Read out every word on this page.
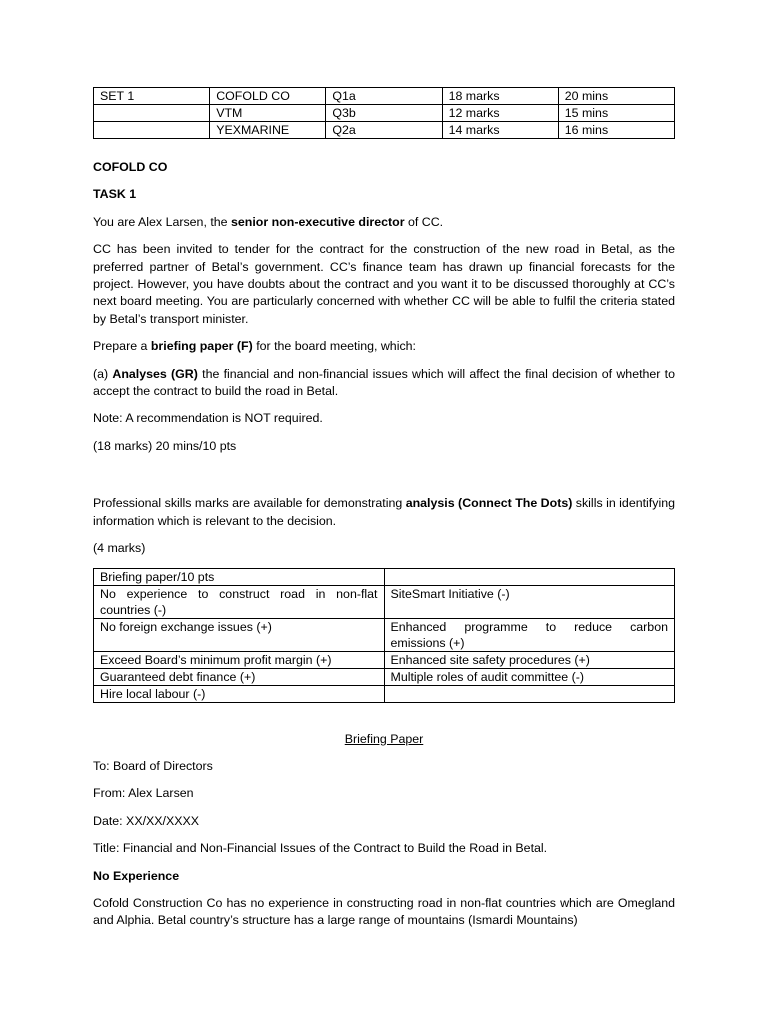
SET 1	COFOLD CO	Q1a	18 marks	20 mins
	VTM	Q3b	12 marks	15 mins
	YEXMARINE	Q2a	14 marks	16 mins

COFOLD CO

TASK 1

You are Alex Larsen, the senior non-executive director of CC.

CC has been invited to tender for the contract for the construction of the new road in Betal, as the preferred partner of Betal’s government. CC’s finance team has drawn up financial forecasts for the project. However, you have doubts about the contract and you want it to be discussed thoroughly at CC’s next board meeting. You are particularly concerned with whether CC will be able to fulfil the criteria stated by Betal’s transport minister.

Prepare a briefing paper (F) for the board meeting, which:

(a) Analyses (GR) the financial and non-financial issues which will affect the final decision of whether to accept the contract to build the road in Betal.

Note: A recommendation is NOT required.

(18 marks) 20 mins/10 pts

Professional skills marks are available for demonstrating analysis (Connect The Dots) skills in identifying information which is relevant to the decision.

(4 marks)

Briefing paper/10 pts	
No experience to construct road in non-flat countries (-)	SiteSmart Initiative (-)
No foreign exchange issues (+)	Enhanced programme to reduce carbon emissions (+)
Exceed Board’s minimum profit margin (+)	Enhanced site safety procedures (+)
Guaranteed debt finance (+)	Multiple roles of audit committee (-)
Hire local labour (-)	

Briefing Paper

To: Board of Directors

From: Alex Larsen

Date: XX/XX/XXXX

Title: Financial and Non-Financial Issues of the Contract to Build the Road in Betal.

No Experience

Cofold Construction Co has no experience in constructing road in non-flat countries which are Omegland and Alphia. Betal country’s structure has a large range of mountains (Ismardi Mountains)
